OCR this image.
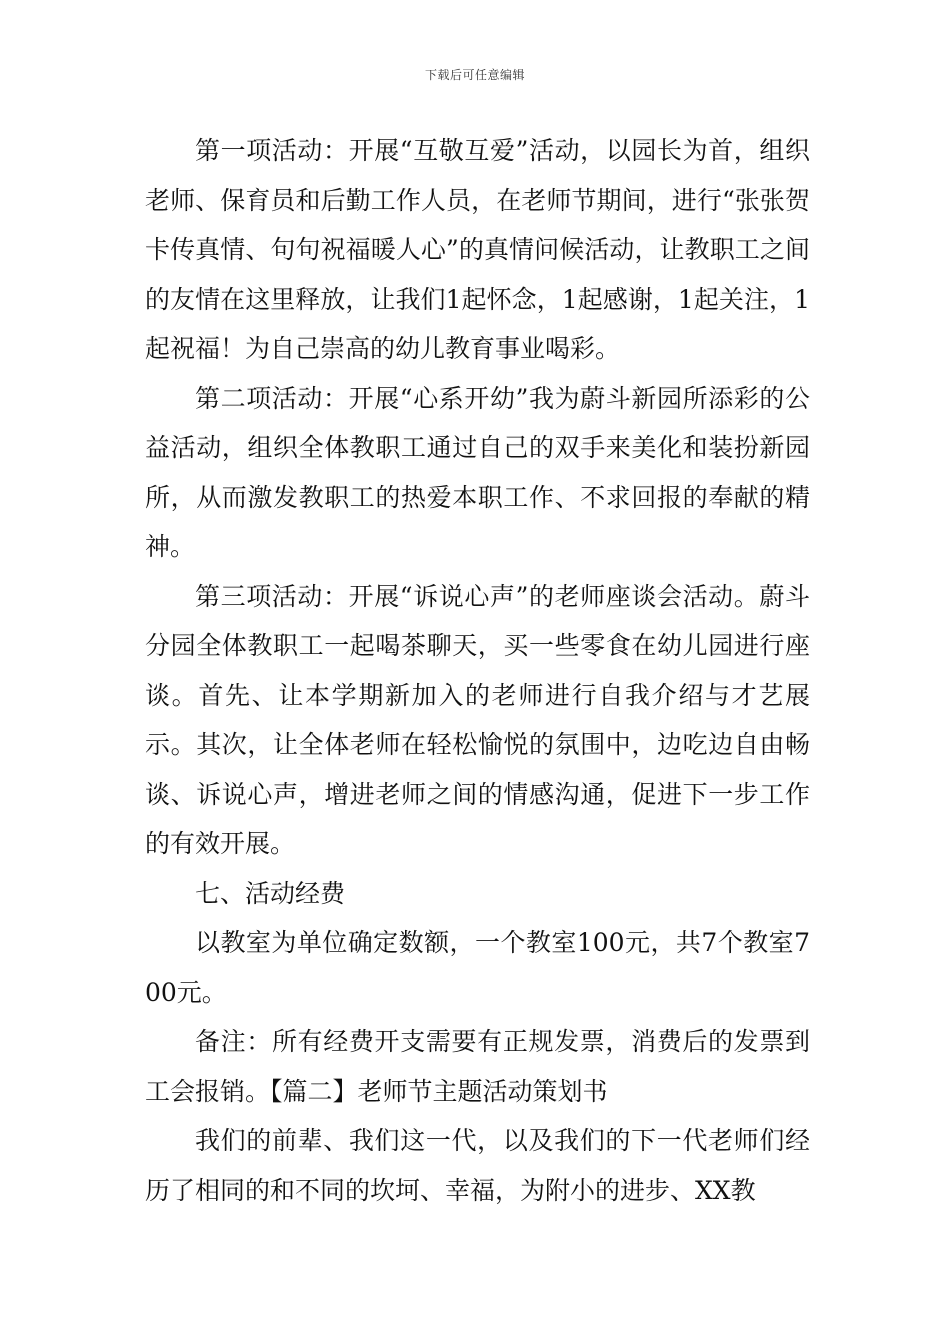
下载后可任意编辑

第一项活动：开展“互敬互爱”活动，以园长为首，组织老师、保育员和后勤工作人员，在老师节期间，进行“张张贺卡传真情、句句祝福暖人心”的真情问候活动，让教职工之间的友情在这里释放，让我们1起怀念，1起感谢，1起关注，1起祝福！为自己崇高的幼儿教育事业喝彩。

第二项活动：开展“心系开幼”我为蔚斗新园所添彩的公益活动，组织全体教职工通过自己的双手来美化和装扮新园所，从而激发教职工的热爱本职工作、不求回报的奉献的精神。

第三项活动：开展“诉说心声”的老师座谈会活动。蔚斗分园全体教职工一起喝茶聊天，买一些零食在幼儿园进行座谈。首先、让本学期新加入的老师进行自我介绍与才艺展示。其次，让全体老师在轻松愉悦的氛围中，边吃边自由畅谈、诉说心声，增进老师之间的情感沟通，促进下一步工作的有效开展。

七、活动经费

以教室为单位确定数额，一个教室100元，共7个教室700元。

备注：所有经费开支需要有正规发票，消费后的发票到工会报销。【篇二】老师节主题活动策划书

我们的前辈、我们这一代，以及我们的下一代老师们经历了相同的和不同的坎坷、幸福，为附小的进步、XX教
